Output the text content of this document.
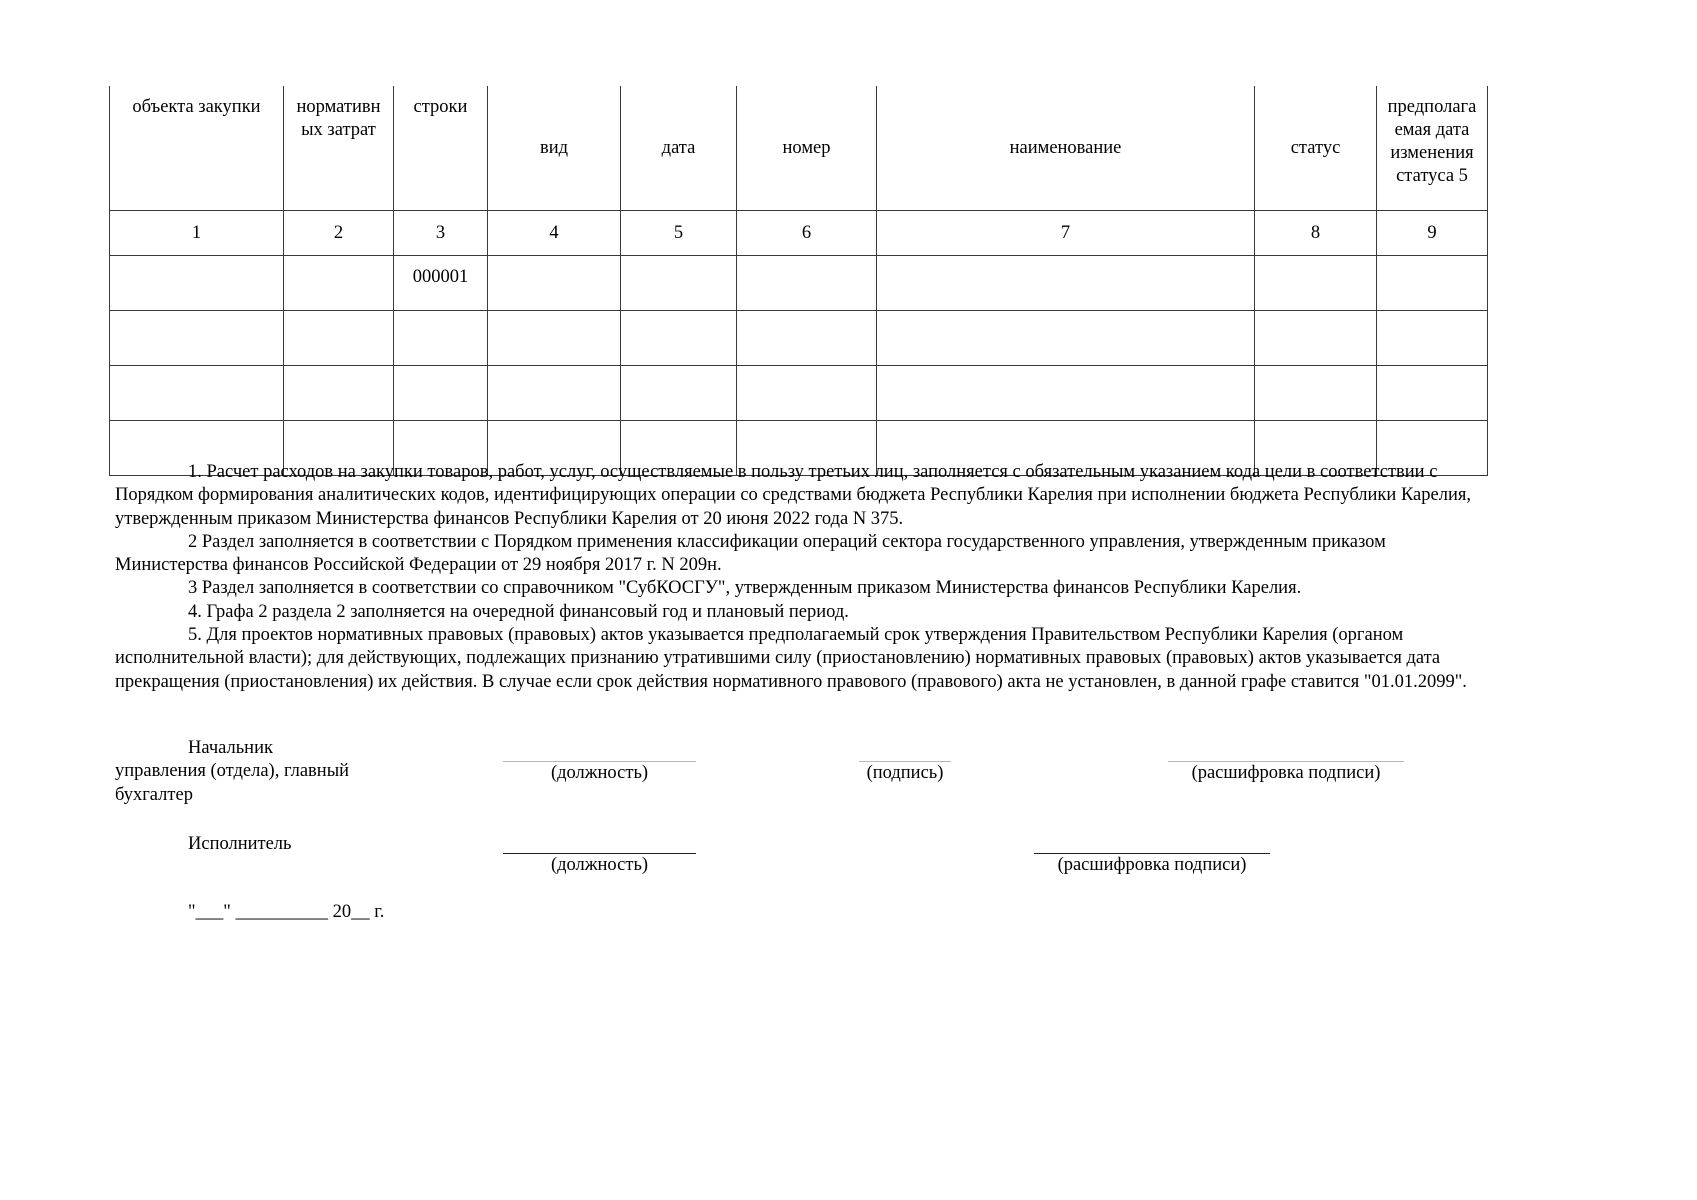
объекта закупки	нормативн ых затрат	строки	вид	дата	номер	наименование	статус	предполага емая дата изменения статуса 5
1	2	3	4	5	6	7	8	9
		000001						

1. Расчет расходов на закупки товаров, работ, услуг, осуществляемые в пользу третьих лиц, заполняется с обязательным указанием кода цели в соответствии с Порядком формирования аналитических кодов, идентифицирующих операции со средствами бюджета Республики Карелия при исполнении бюджета Республики Карелия, утвержденным приказом Министерства финансов Республики Карелия от 20 июня 2022 года N 375.

2 Раздел заполняется в соответствии с Порядком применения классификации операций сектора государственного управления, утвержденным приказом Министерства финансов Российской Федерации от 29 ноября 2017 г. N 209н.

3 Раздел заполняется в соответствии со справочником "СубКОСГУ", утвержденным приказом Министерства финансов Республики Карелия.

4. Графа 2 раздела 2 заполняется на очередной финансовый год и плановый период.

5. Для проектов нормативных правовых (правовых) актов указывается предполагаемый срок утверждения Правительством Республики Карелия (органом исполнительной власти); для действующих, подлежащих признанию утратившими силу (приостановлению) нормативных правовых (правовых) актов указывается дата прекращения (приостановления) их действия. В случае если срок действия нормативного правового (правового) акта не установлен, в данной графе ставится "01.01.2099".

Начальник
управления (отдела), главный бухгалтер
(должность)	(подпись)	(расшифровка подписи)
Исполнитель
(должность)	(расшифровка подписи)
"___" __________ 20__ г.
